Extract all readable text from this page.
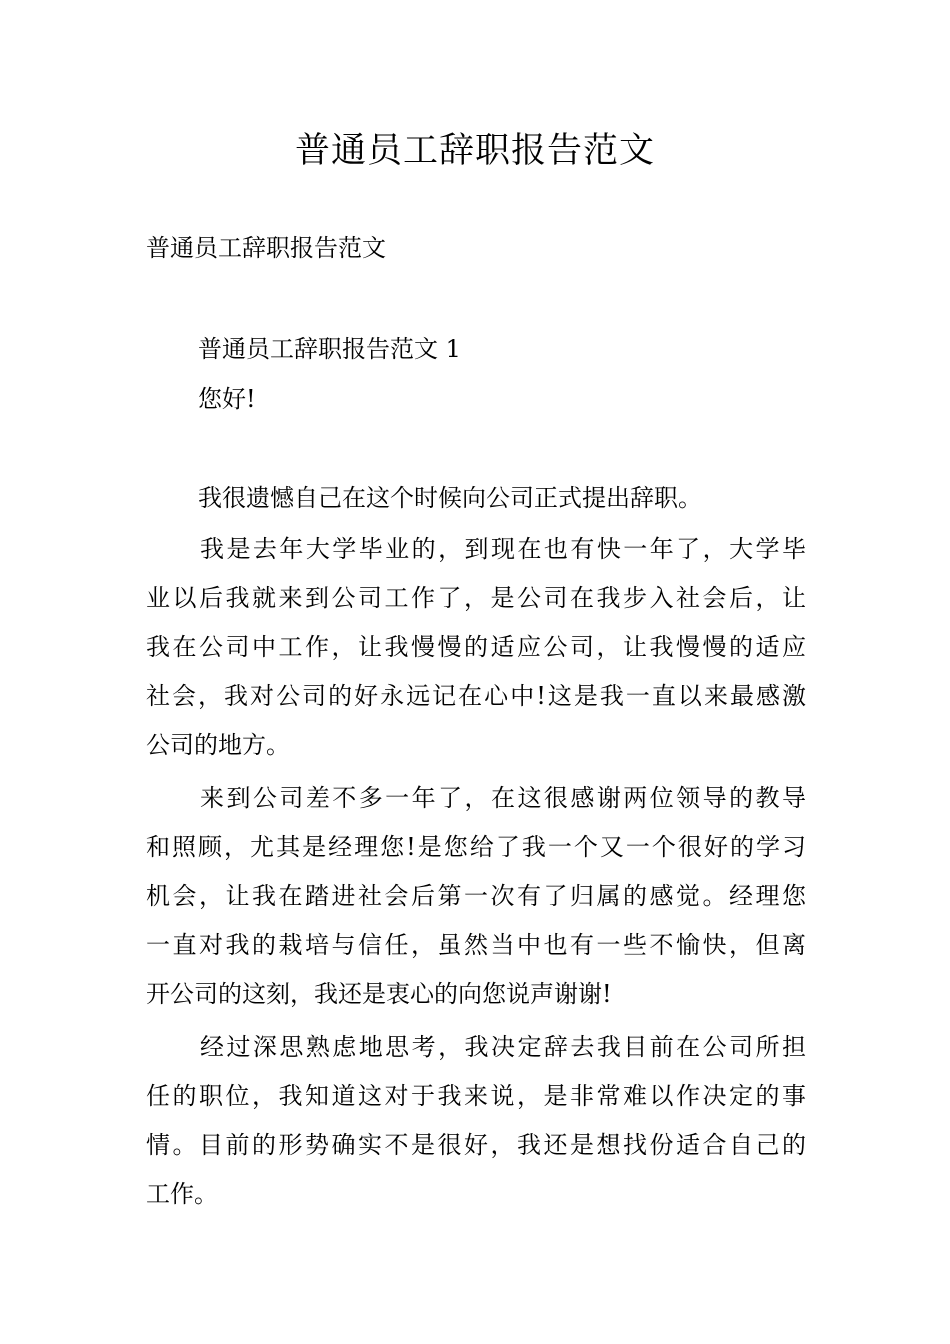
普通员工辞职报告范文

普通员工辞职报告范文

普通员工辞职报告范文 1

您好!

我很遗憾自己在这个时候向公司正式提出辞职。

我是去年大学毕业的，到现在也有快一年了，大学毕
业以后我就来到公司工作了，是公司在我步入社会后，让
我在公司中工作，让我慢慢的适应公司，让我慢慢的适应
社会，我对公司的好永远记在心中!这是我一直以来最感激
公司的地方。
来到公司差不多一年了，在这很感谢两位领导的教导
和照顾，尤其是经理您!是您给了我一个又一个很好的学习
机会，让我在踏进社会后第一次有了归属的感觉。经理您
一直对我的栽培与信任，虽然当中也有一些不愉快，但离
开公司的这刻，我还是衷心的向您说声谢谢!
经过深思熟虑地思考，我决定辞去我目前在公司所担
任的职位，我知道这对于我来说，是非常难以作决定的事
情。目前的形势确实不是很好，我还是想找份适合自己的
工作。
